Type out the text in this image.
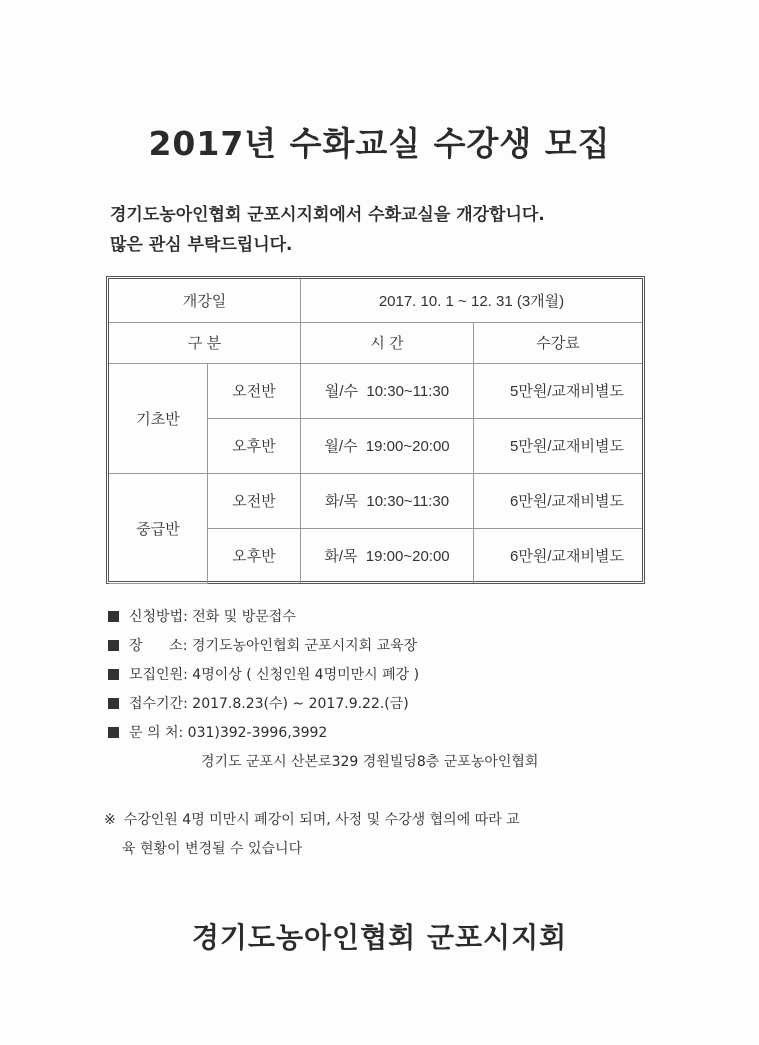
2017년 수화교실 수강생 모집
경기도농아인협회 군포시지회에서 수화교실을 개강합니다.
많은 관심 부탁드립니다.
개강일		2017. 10. 1 ~ 12. 31 (3개월)	
구 분		시 간	수강료
기초반	오전반	월/수  10:30~11:30	5만원/교재비별도
	오후반	월/수  19:00~20:00	5만원/교재비별도
중급반	오전반	화/목  10:30~11:30	6만원/교재비별도
	오후반	화/목  19:00~20:00	6만원/교재비별도
신청방법: 전화 및 방문접수
장      소: 경기도농아인협회 군포시지회 교육장
모집인원: 4명이상 ( 신청인원 4명미만시 폐강 )
접수기간: 2017.8.23(수) ~ 2017.9.22.(금)
문 의 처: 031)392-3996,3992
경기도 군포시 산본로329 경원빌딩8층 군포농아인협회
※ 수강인원 4명 미만시 폐강이 되며, 사정 및 수강생 협의에 따라 교
육 현황이 변경될 수 있습니다
경기도농아인협회 군포시지회
